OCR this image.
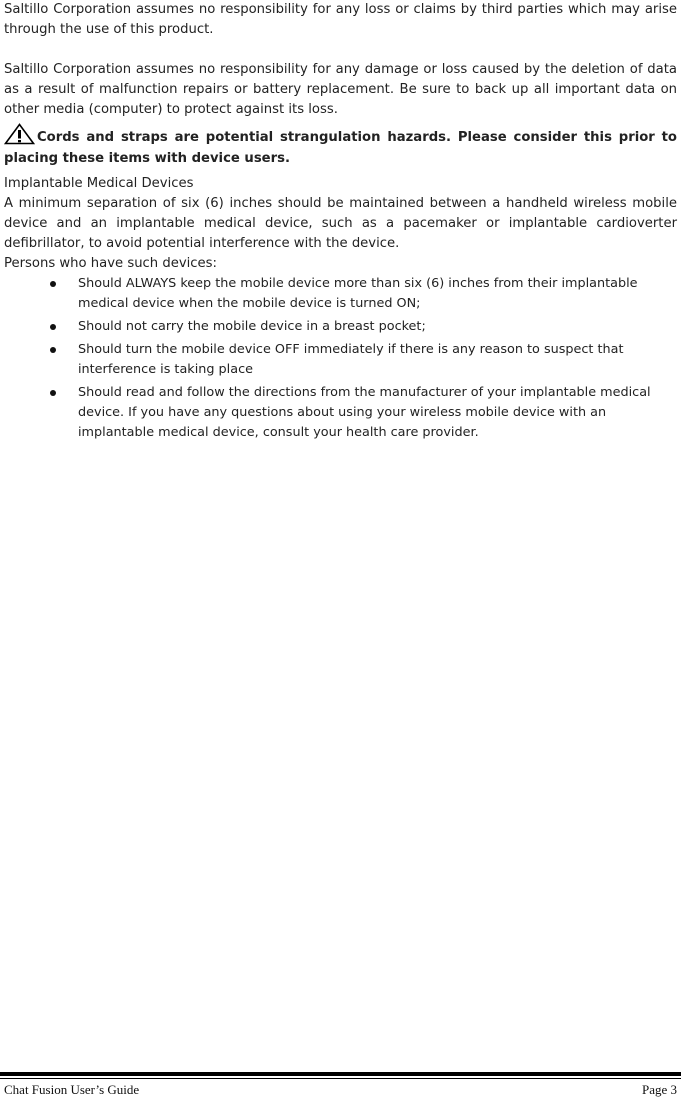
Saltillo Corporation assumes no responsibility for any loss or claims by third parties which may arise through the use of this product.

Saltillo Corporation assumes no responsibility for any damage or loss caused by the deletion of data as a result of malfunction repairs or battery replacement. Be sure to back up all important data on other media (computer) to protect against its loss.

Cords and straps are potential strangulation hazards. Please consider this prior to placing these items with device users.

Implantable Medical Devices

A minimum separation of six (6) inches should be maintained between a handheld wireless mobile device and an implantable medical device, such as a pacemaker or implantable cardioverter defibrillator, to avoid potential interference with the device.

Persons who have such devices:

Should ALWAYS keep the mobile device more than six (6) inches from their implantable medical device when the mobile device is turned ON;
Should not carry the mobile device in a breast pocket;
Should turn the mobile device OFF immediately if there is any reason to suspect that interference is taking place
Should read and follow the directions from the manufacturer of your implantable medical device. If you have any questions about using your wireless mobile device with an implantable medical device, consult your health care provider.
Chat Fusion User’s Guide	Page 3
